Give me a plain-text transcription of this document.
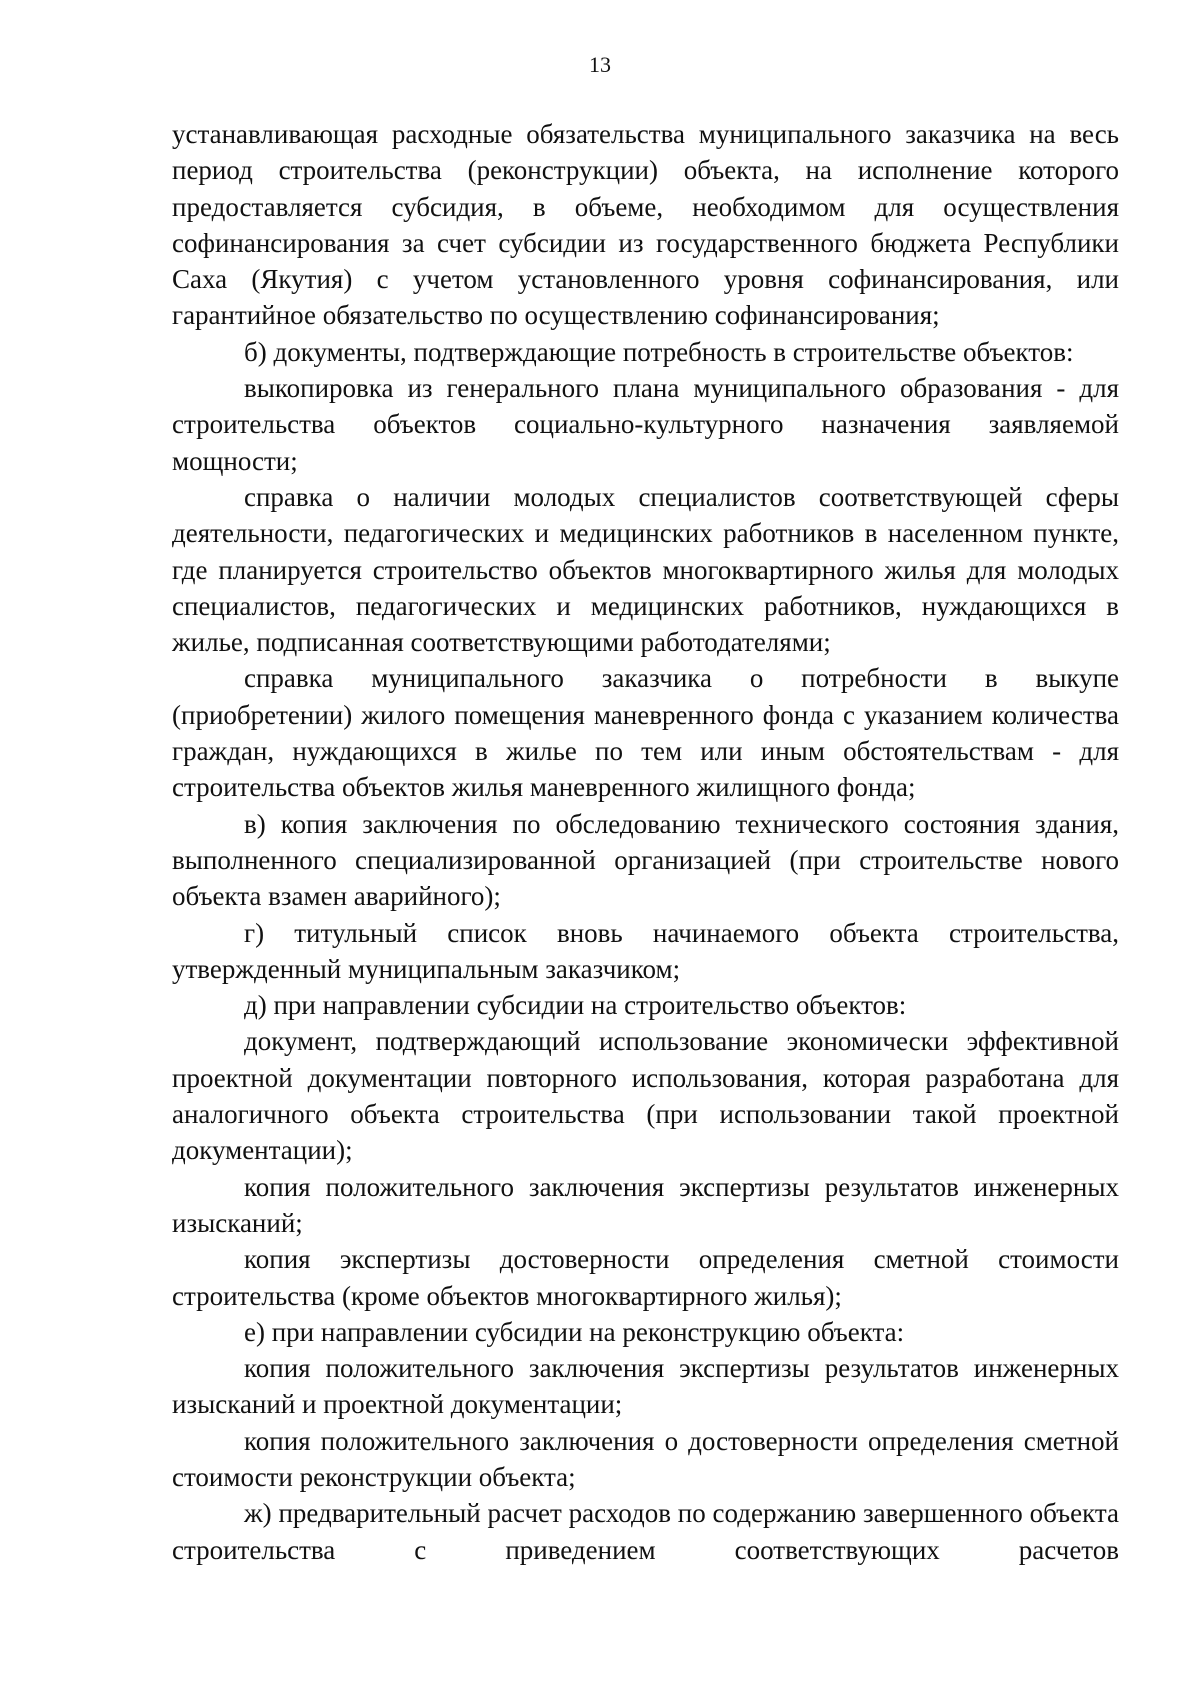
13

устанавливающая расходные обязательства муниципального заказчика на весь период строительства (реконструкции) объекта, на исполнение которого предоставляется субсидия, в объеме, необходимом для осуществления софинансирования за счет субсидии из государственного бюджета Республики Саха (Якутия) с учетом установленного уровня софинансирования, или гарантийное обязательство по осуществлению софинансирования;

б) документы, подтверждающие потребность в строительстве объектов:

выкопировка из генерального плана муниципального образования - для строительства объектов социально-культурного назначения заявляемой мощности;

справка о наличии молодых специалистов соответствующей сферы деятельности, педагогических и медицинских работников в населенном пункте, где планируется строительство объектов многоквартирного жилья для молодых специалистов, педагогических и медицинских работников, нуждающихся в жилье, подписанная соответствующими работодателями;

справка муниципального заказчика о потребности в выкупе (приобретении) жилого помещения маневренного фонда с указанием количества граждан, нуждающихся в жилье по тем или иным обстоятельствам - для строительства объектов жилья маневренного жилищного фонда;

в) копия заключения по обследованию технического состояния здания, выполненного специализированной организацией (при строительстве нового объекта взамен аварийного);

г) титульный список вновь начинаемого объекта строительства, утвержденный муниципальным заказчиком;

д) при направлении субсидии на строительство объектов:

документ, подтверждающий использование экономически эффективной проектной документации повторного использования, которая разработана для аналогичного объекта строительства (при использовании такой проектной документации);

копия положительного заключения экспертизы результатов инженерных изысканий;

копия экспертизы достоверности определения сметной стоимости строительства (кроме объектов многоквартирного жилья);

е) при направлении субсидии на реконструкцию объекта:

копия положительного заключения экспертизы результатов инженерных изысканий и проектной документации;

копия положительного заключения о достоверности определения сметной стоимости реконструкции объекта;

ж) предварительный расчет расходов по содержанию завершенного объекта строительства с приведением соответствующих расчетов
